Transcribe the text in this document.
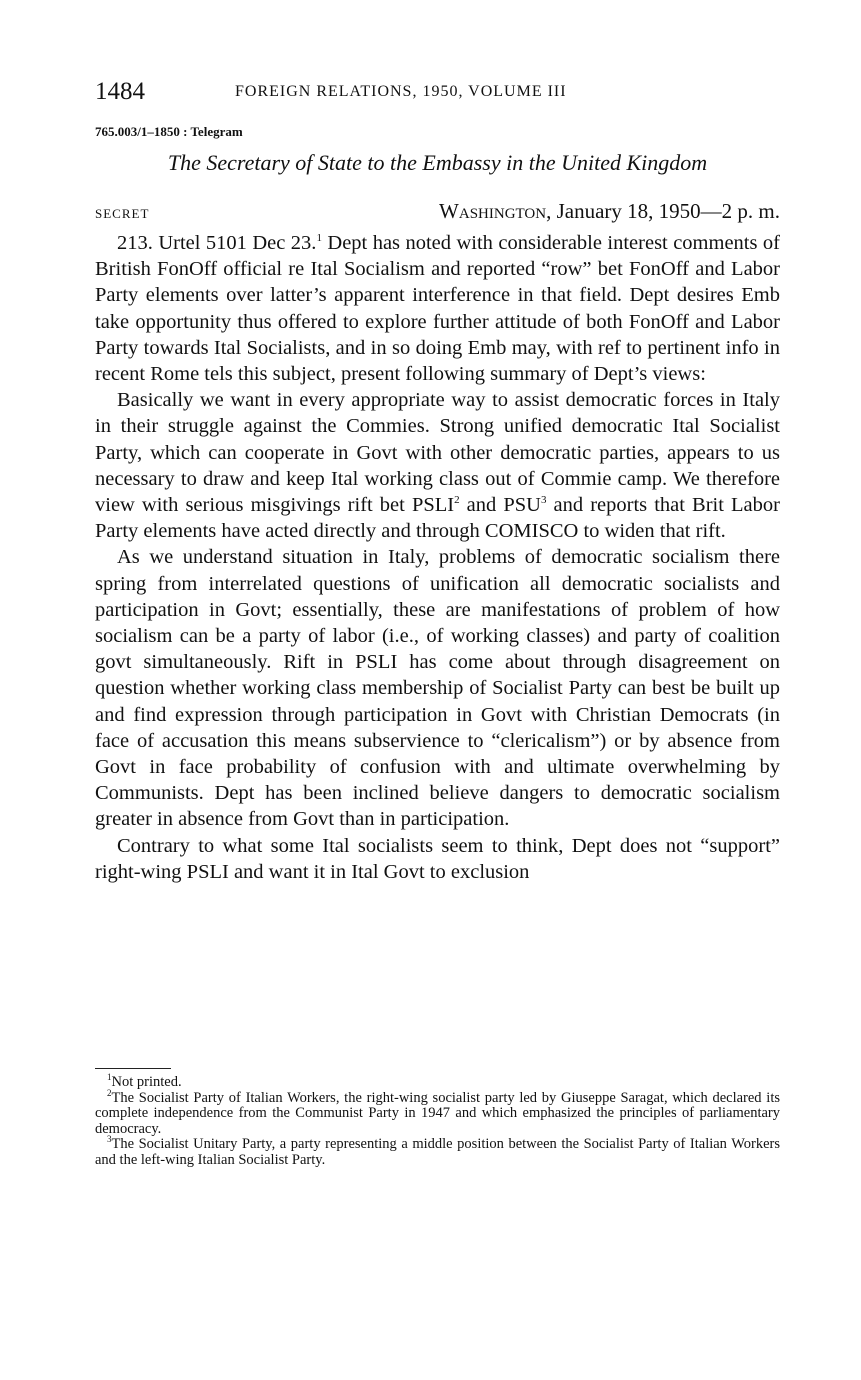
1484	FOREIGN RELATIONS, 1950, VOLUME III
765.003/1–1850 : Telegram
The Secretary of State to the Embassy in the United Kingdom
SECRET	Washington, January 18, 1950—2 p. m.

213. Urtel 5101 Dec 23.$^1$ Dept has noted with considerable interest comments of British FonOff official re Ital Socialism and reported “row” bet FonOff and Labor Party elements over latter’s apparent interference in that field. Dept desires Emb take opportunity thus offered to explore further attitude of both FonOff and Labor Party towards Ital Socialists, and in so doing Emb may, with ref to pertinent info in recent Rome tels this subject, present following summary of Dept’s views:

Basically we want in every appropriate way to assist democratic forces in Italy in their struggle against the Commies. Strong unified democratic Ital Socialist Party, which can cooperate in Govt with other democratic parties, appears to us necessary to draw and keep Ital working class out of Commie camp. We therefore view with serious misgivings rift bet PSLI$^2$ and PSU$^3$ and reports that Brit Labor Party elements have acted directly and through COMISCO to widen that rift.

As we understand situation in Italy, problems of democratic socialism there spring from interrelated questions of unification all democratic socialists and participation in Govt; essentially, these are manifestations of problem of how socialism can be a party of labor (i.e., of working classes) and party of coalition govt simultaneously. Rift in PSLI has come about through disagreement on question whether working class membership of Socialist Party can best be built up and find expression through participation in Govt with Christian Democrats (in face of accusation this means subservience to “clericalism”) or by absence from Govt in face probability of confusion with and ultimate overwhelming by Communists. Dept has been inclined believe dangers to democratic socialism greater in absence from Govt than in participation.

Contrary to what some Ital socialists seem to think, Dept does not “support” right-wing PSLI and want it in Ital Govt to exclusion

$^1$Not printed.

$^2$The Socialist Party of Italian Workers, the right-wing socialist party led by Giuseppe Saragat, which declared its complete independence from the Communist Party in 1947 and which emphasized the principles of parliamentary democracy.

$^3$The Socialist Unitary Party, a party representing a middle position between the Socialist Party of Italian Workers and the left-wing Italian Socialist Party.
